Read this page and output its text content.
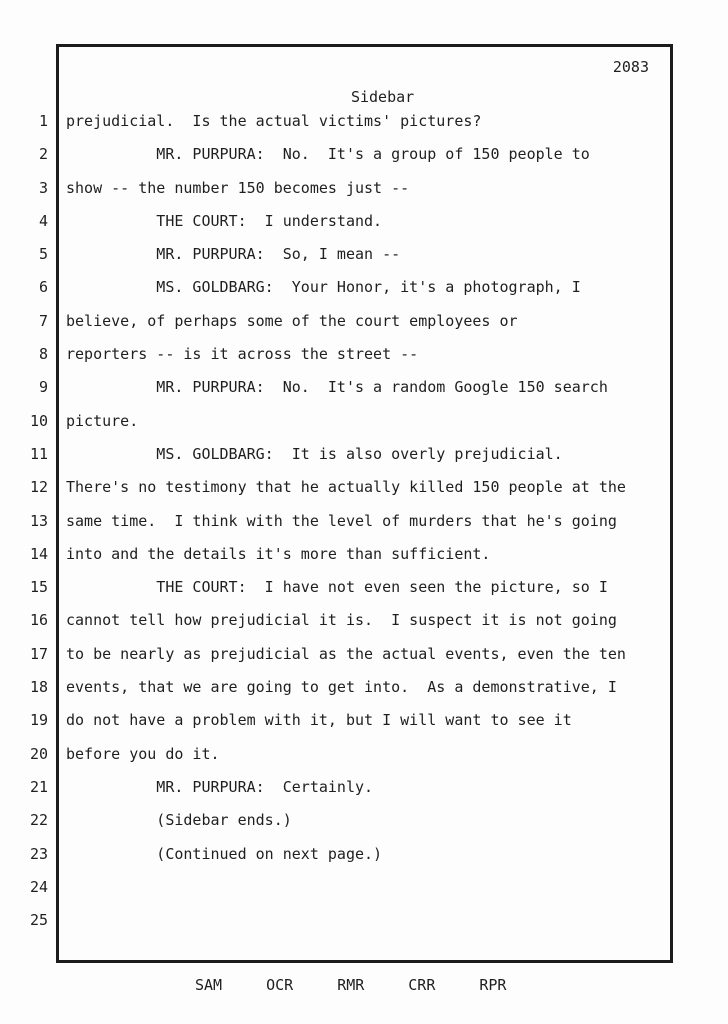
Sidebar

2083

1 prejudicial.  Is the actual victims' pictures?
2 MR. PURPURA:  No.  It's a group of 150 people to
3 show -- the number 150 becomes just --
4 THE COURT:  I understand.
5 MR. PURPURA:  So, I mean --
6 MS. GOLDBARG:  Your Honor, it's a photograph, I
7 believe, of perhaps some of the court employees or
8 reporters -- is it across the street --
9 MR. PURPURA:  No.  It's a random Google 150 search
10 picture.
11 MS. GOLDBARG:  It is also overly prejudicial.
12 There's no testimony that he actually killed 150 people at the
13 same time.  I think with the level of murders that he's going
14 into and the details it's more than sufficient.
15 THE COURT:  I have not even seen the picture, so I
16 cannot tell how prejudicial it is.  I suspect it is not going
17 to be nearly as prejudicial as the actual events, even the ten
18 events, that we are going to get into.  As a demonstrative, I
19 do not have a problem with it, but I will want to see it
20 before you do it.
21 MR. PURPURA:  Certainly.
22 (Sidebar ends.)
23 (Continued on next page.)
24
25
SAM	OCR	RMR	CRR	RPR
